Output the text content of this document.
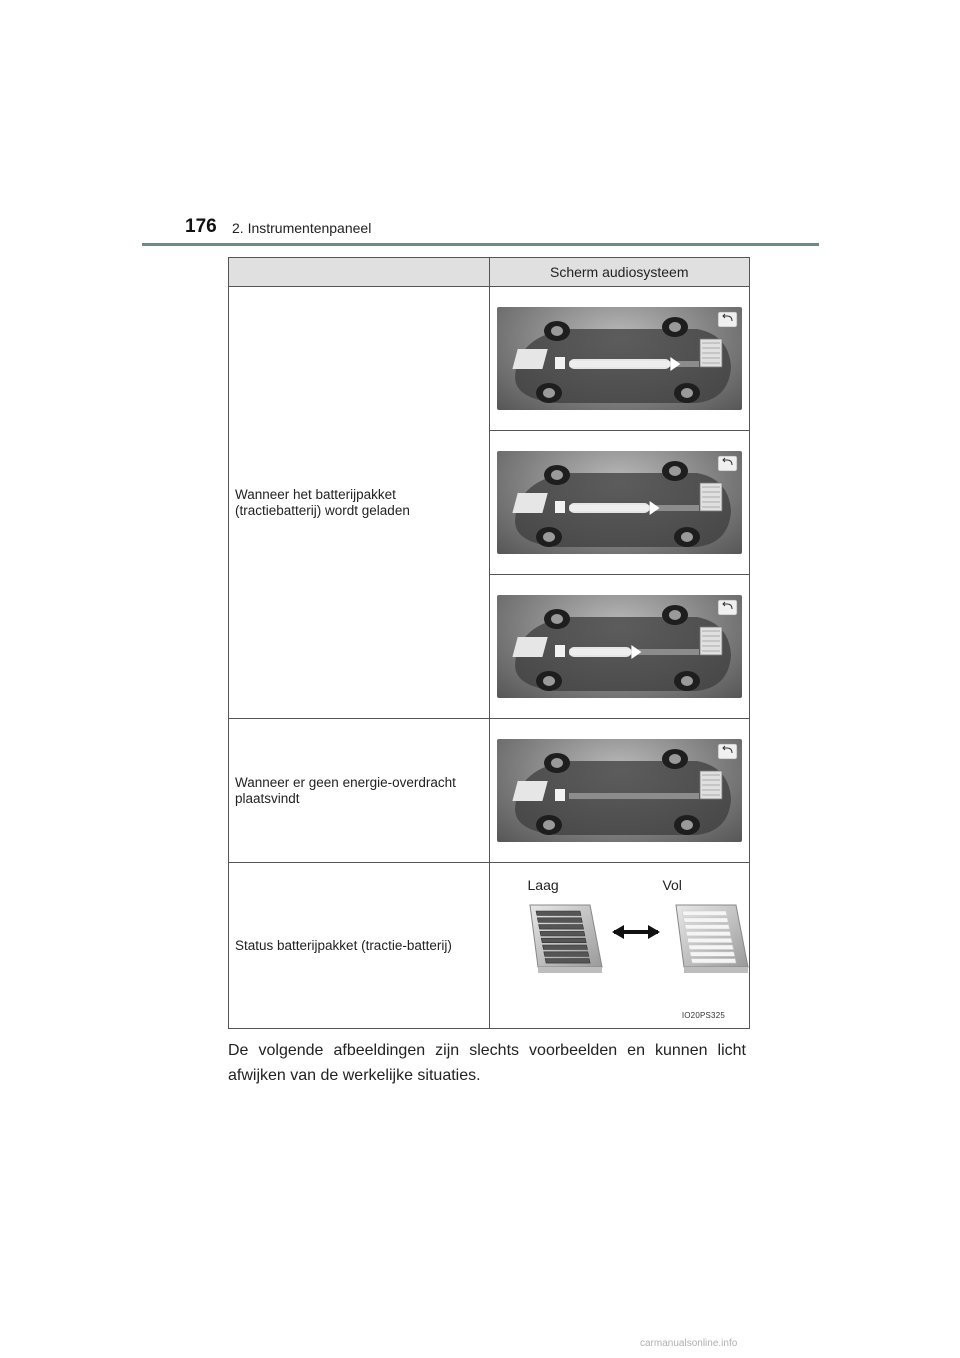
176 2. Instrumentenpaneel
	Scherm audiosysteem
Wanneer het batterijpakket (tractiebatterij) wordt geladen	

Wanneer er geen energie-overdracht plaatsvindt	

Status batterijpakket (tractie-batterij)	Laag Vol
IO20PS325
De volgende afbeeldingen zijn slechts voorbeelden en kunnen licht afwijken van de werkelijke situaties.
carmanualsonline.info
